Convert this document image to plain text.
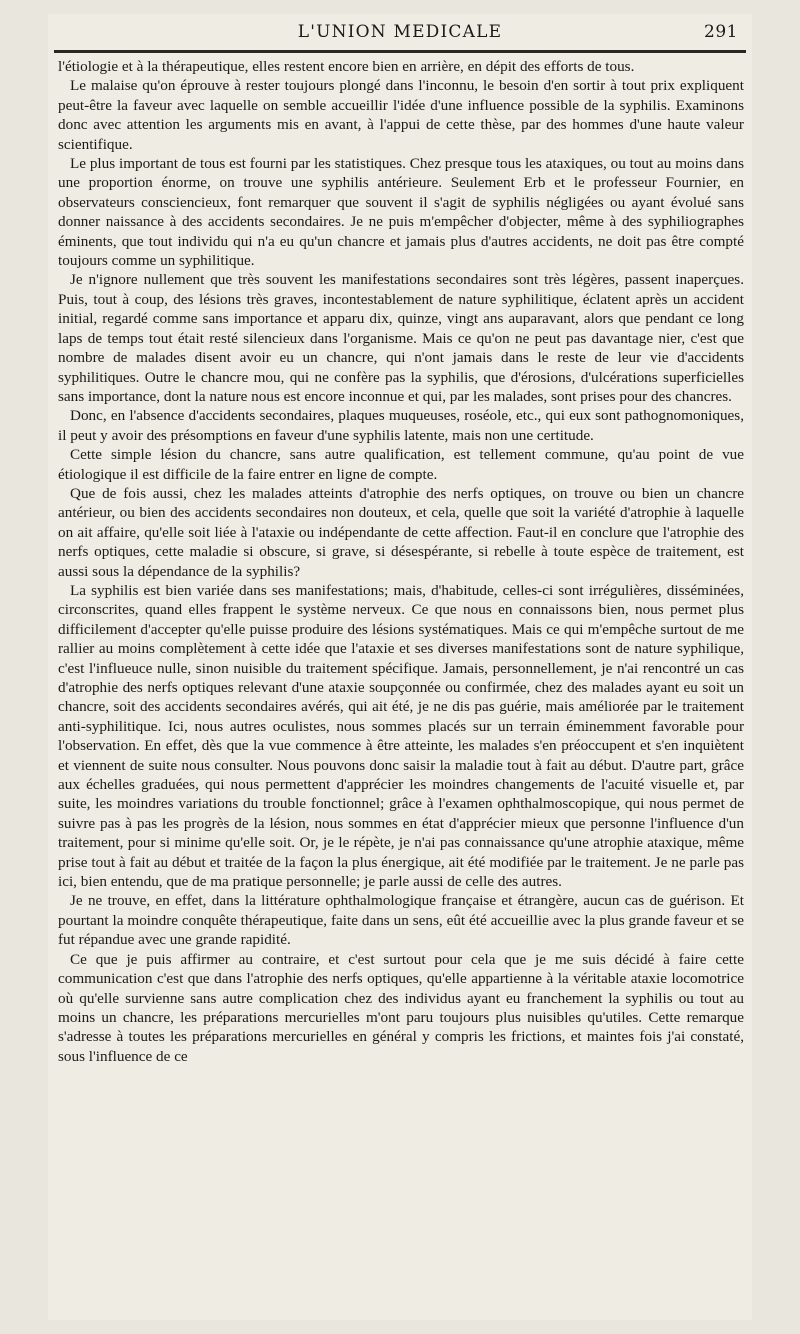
L'UNION MEDICALE	291

l'étiologie et à la thérapeutique, elles restent encore bien en arrière, en dépit des efforts de tous.

Le malaise qu'on éprouve à rester toujours plongé dans l'inconnu, le besoin d'en sortir à tout prix expliquent peut-être la faveur avec laquelle on semble accueillir l'idée d'une influence possible de la syphilis. Examinons donc avec attention les arguments mis en avant, à l'appui de cette thèse, par des hommes d'une haute valeur scientifique.

Le plus important de tous est fourni par les statistiques. Chez presque tous les ataxiques, ou tout au moins dans une proportion énorme, on trouve une syphilis antérieure. Seulement Erb et le professeur Fournier, en observateurs consciencieux, font remarquer que souvent il s'agit de syphilis négligées ou ayant évolué sans donner naissance à des accidents secondaires. Je ne puis m'empêcher d'objecter, même à des syphiliographes éminents, que tout individu qui n'a eu qu'un chancre et jamais plus d'autres accidents, ne doit pas être compté toujours comme un syphilitique.

Je n'ignore nullement que très souvent les manifestations secondaires sont très légères, passent inaperçues. Puis, tout à coup, des lésions très graves, incontestablement de nature syphilitique, éclatent après un accident initial, regardé comme sans importance et apparu dix, quinze, vingt ans auparavant, alors que pendant ce long laps de temps tout était resté silencieux dans l'organisme. Mais ce qu'on ne peut pas davantage nier, c'est que nombre de malades disent avoir eu un chancre, qui n'ont jamais dans le reste de leur vie d'accidents syphilitiques. Outre le chancre mou, qui ne confère pas la syphilis, que d'érosions, d'ulcérations superficielles sans importance, dont la nature nous est encore inconnue et qui, par les malades, sont prises pour des chancres.

Donc, en l'absence d'accidents secondaires, plaques muqueuses, roséole, etc., qui eux sont pathognomoniques, il peut y avoir des présomptions en faveur d'une syphilis latente, mais non une certitude.

Cette simple lésion du chancre, sans autre qualification, est tellement commune, qu'au point de vue étiologique il est difficile de la faire entrer en ligne de compte.

Que de fois aussi, chez les malades atteints d'atrophie des nerfs optiques, on trouve ou bien un chancre antérieur, ou bien des accidents secondaires non douteux, et cela, quelle que soit la variété d'atrophie à laquelle on ait affaire, qu'elle soit liée à l'ataxie ou indépendante de cette affection. Faut-il en conclure que l'atrophie des nerfs optiques, cette maladie si obscure, si grave, si désespérante, si rebelle à toute espèce de traitement, est aussi sous la dépendance de la syphilis?

La syphilis est bien variée dans ses manifestations; mais, d'habitude, celles-ci sont irrégulières, disséminées, circonscrites, quand elles frappent le système nerveux. Ce que nous en connaissons bien, nous permet plus difficilement d'accepter qu'elle puisse produire des lésions systématiques. Mais ce qui m'empêche surtout de me rallier au moins complètement à cette idée que l'ataxie et ses diverses manifestations sont de nature syphilique, c'est l'influeuce nulle, sinon nuisible du traitement spécifique. Jamais, personnellement, je n'ai rencontré un cas d'atrophie des nerfs optiques relevant d'une ataxie soupçonnée ou confirmée, chez des malades ayant eu soit un chancre, soit des accidents secondaires avérés, qui ait été, je ne dis pas guérie, mais améliorée par le traitement anti-syphilitique. Ici, nous autres oculistes, nous sommes placés sur un terrain éminemment favorable pour l'observation. En effet, dès que la vue commence à être atteinte, les malades s'en préoccupent et s'en inquiètent et viennent de suite nous consulter. Nous pouvons donc saisir la maladie tout à fait au début. D'autre part, grâce aux échelles graduées, qui nous permettent d'apprécier les moindres changements de l'acuité visuelle et, par suite, les moindres variations du trouble fonctionnel; grâce à l'examen ophthalmoscopique, qui nous permet de suivre pas à pas les progrès de la lésion, nous sommes en état d'apprécier mieux que personne l'influence d'un traitement, pour si minime qu'elle soit. Or, je le répète, je n'ai pas connaissance qu'une atrophie ataxique, même prise tout à fait au début et traitée de la façon la plus énergique, ait été modifiée par le traitement. Je ne parle pas ici, bien entendu, que de ma pratique personnelle; je parle aussi de celle des autres.

Je ne trouve, en effet, dans la littérature ophthalmologique française et étrangère, aucun cas de guérison. Et pourtant la moindre conquête thérapeutique, faite dans un sens, eût été accueillie avec la plus grande faveur et se fut répandue avec une grande rapidité.

Ce que je puis affirmer au contraire, et c'est surtout pour cela que je me suis décidé à faire cette communication c'est que dans l'atrophie des nerfs optiques, qu'elle appartienne à la véritable ataxie locomotrice où qu'elle survienne sans autre complication chez des individus ayant eu franchement la syphilis ou tout au moins un chancre, les préparations mercurielles m'ont paru toujours plus nuisibles qu'utiles. Cette remarque s'adresse à toutes les préparations mercurielles en général y compris les frictions, et maintes fois j'ai constaté, sous l'influence de ce
